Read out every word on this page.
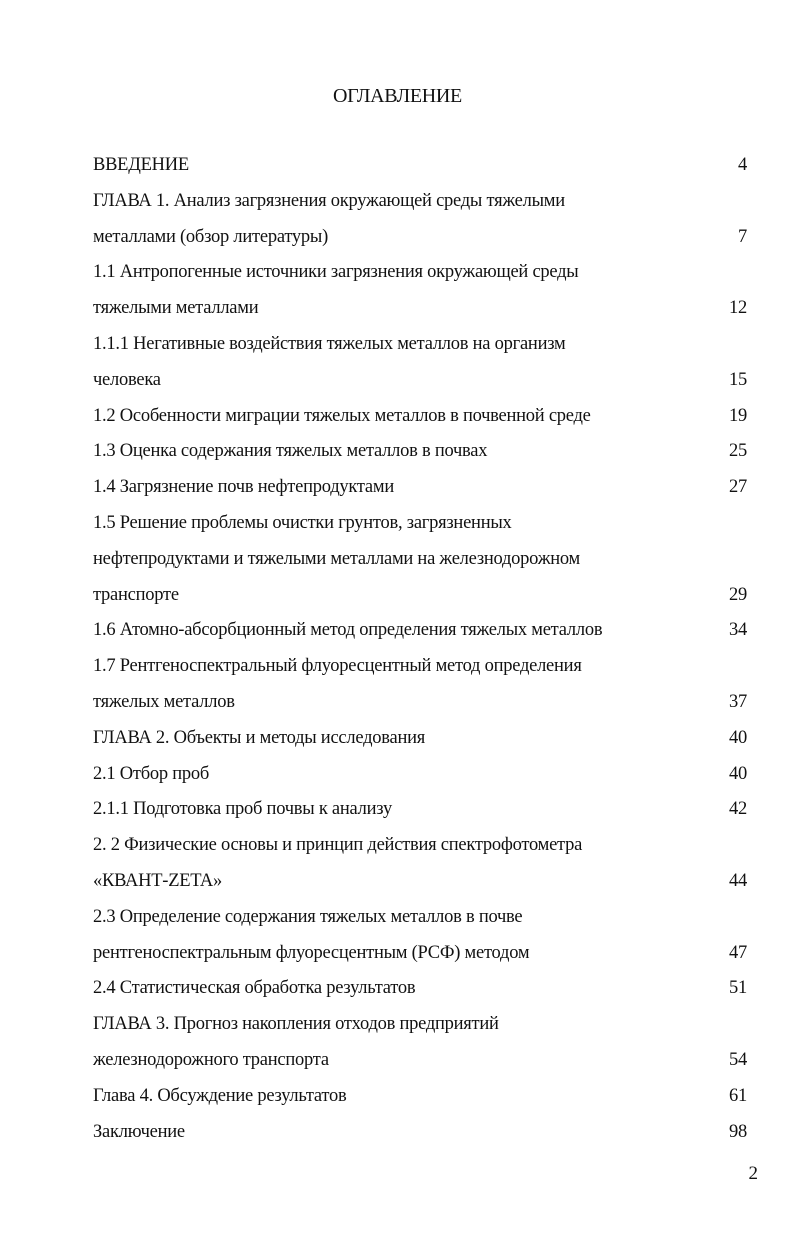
ОГЛАВЛЕНИЕ
ВВЕДЕНИЕ	4
ГЛАВА 1. Анализ загрязнения окружающей среды тяжелыми
металлами (обзор литературы)	7
1.1 Антропогенные источники загрязнения окружающей среды
тяжелыми металлами	12
1.1.1 Негативные воздействия тяжелых металлов на организм
человека	15
1.2 Особенности миграции тяжелых металлов в почвенной среде	19
1.3 Оценка содержания тяжелых металлов в почвах	25
1.4 Загрязнение почв нефтепродуктами	27
1.5 Решение проблемы очистки грунтов, загрязненных
нефтепродуктами и тяжелыми металлами на железнодорожном
транспорте	29
1.6 Атомно-абсорбционный метод определения тяжелых металлов	34
1.7 Рентгеноспектральный флуоресцентный метод определения
тяжелых металлов	37
ГЛАВА 2. Объекты и методы исследования	40
2.1 Отбор проб	40
2.1.1 Подготовка проб почвы к анализу	42
2. 2 Физические основы и принцип действия спектрофотометра
«КВАНТ-ZETA»	44
2.3 Определение содержания тяжелых металлов в почве
рентгеноспектральным флуоресцентным (РСФ) методом	47
2.4 Статистическая обработка результатов	51
ГЛАВА 3. Прогноз накопления отходов предприятий
железнодорожного транспорта	54
Глава 4. Обсуждение результатов	61
Заключение	98
2
